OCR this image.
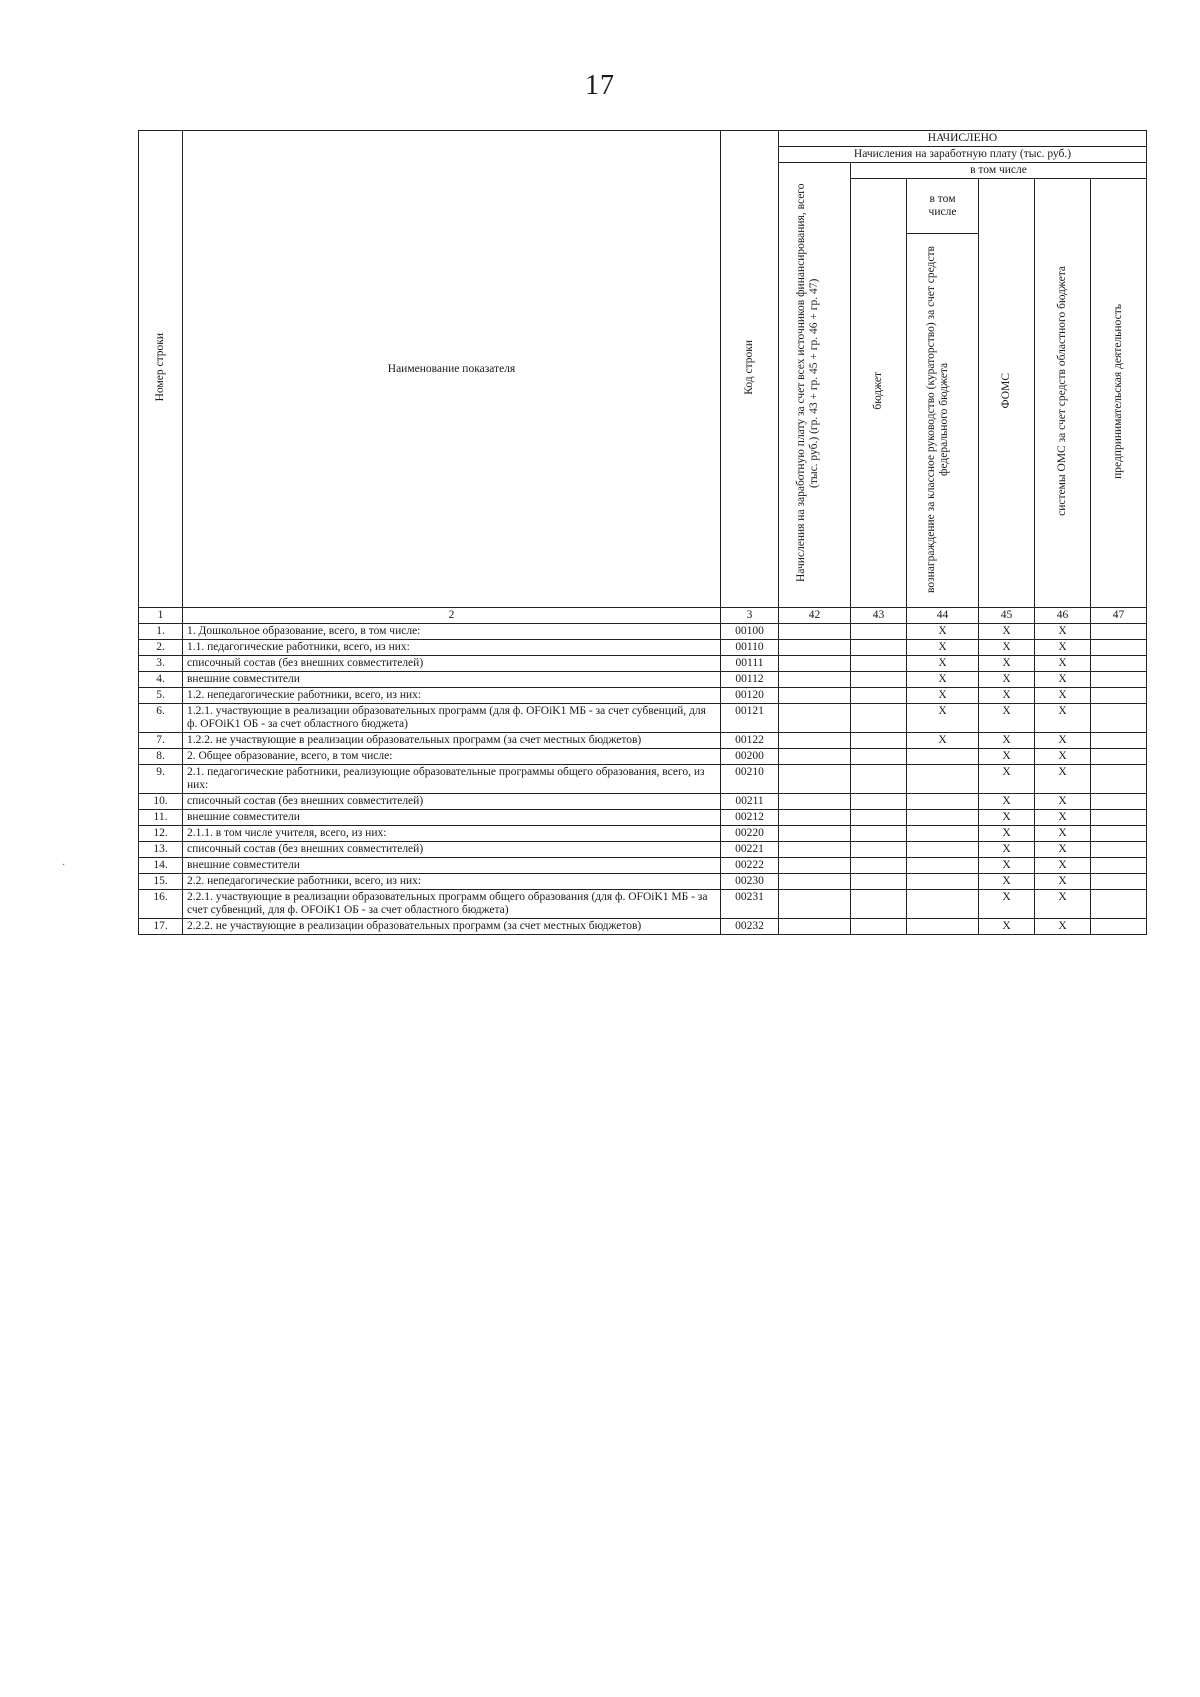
17
Номер строки	Наименование показателя	Код строки	НАЧИСЛЕНО					
			Начисления на заработную плату (тыс. руб.)					
			Начисления на заработную плату за счет всех источников финансирования, всего (тыс. руб.) (гр. 43 + гр. 45 + гр. 46 + гр. 47)	в том числе				
				бюджет	в том числе
вознаграждение за классное руководство (кураторство) за счет средств федерального бюджета	ФОМС	системы ОМС за счет средств областного бюджета	предпринимательская деятельность
1	2	3	42	43	44	45	46	47
1.	1. Дошкольное образование, всего, в том числе:	00100			X	X	X	
2.	1.1. педагогические работники, всего, из них:	00110			X	X	X	
3.	списочный состав (без внешних совместителей)	00111			X	X	X	
4.	внешние совместители	00112			X	X	X	
5.	1.2. непедагогические работники, всего, из них:	00120			X	X	X	
6.	1.2.1. участвующие в реализации образовательных программ (для ф. OFOiK1 МБ - за счет субвенций, для ф. OFOiK1 ОБ - за счет областного бюджета)	00121			X	X	X	
7.	1.2.2. не участвующие в реализации образовательных программ (за счет местных бюджетов)	00122			X	X	X	
8.	2. Общее образование, всего, в том числе:	00200				X	X	
9.	2.1. педагогические работники, реализующие образовательные программы общего образования, всего, из них:	00210				X	X	
10.	списочный состав (без внешних совместителей)	00211				X	X	
11.	внешние совместители	00212				X	X	
12.	2.1.1. в том числе учителя, всего, из них:	00220				X	X	
13.	списочный состав (без внешних совместителей)	00221				X	X	
14.	внешние совместители	00222				X	X	
15.	2.2. непедагогические работники, всего, из них:	00230				X	X	
16.	2.2.1. участвующие в реализации образовательных программ общего образования (для ф. OFOiK1 МБ - за счет субвенций, для ф. OFOiK1 ОБ - за счет областного бюджета)	00231				X	X	
17.	2.2.2. не участвующие в реализации образовательных программ (за счет местных бюджетов)	00232				X	X	
·
